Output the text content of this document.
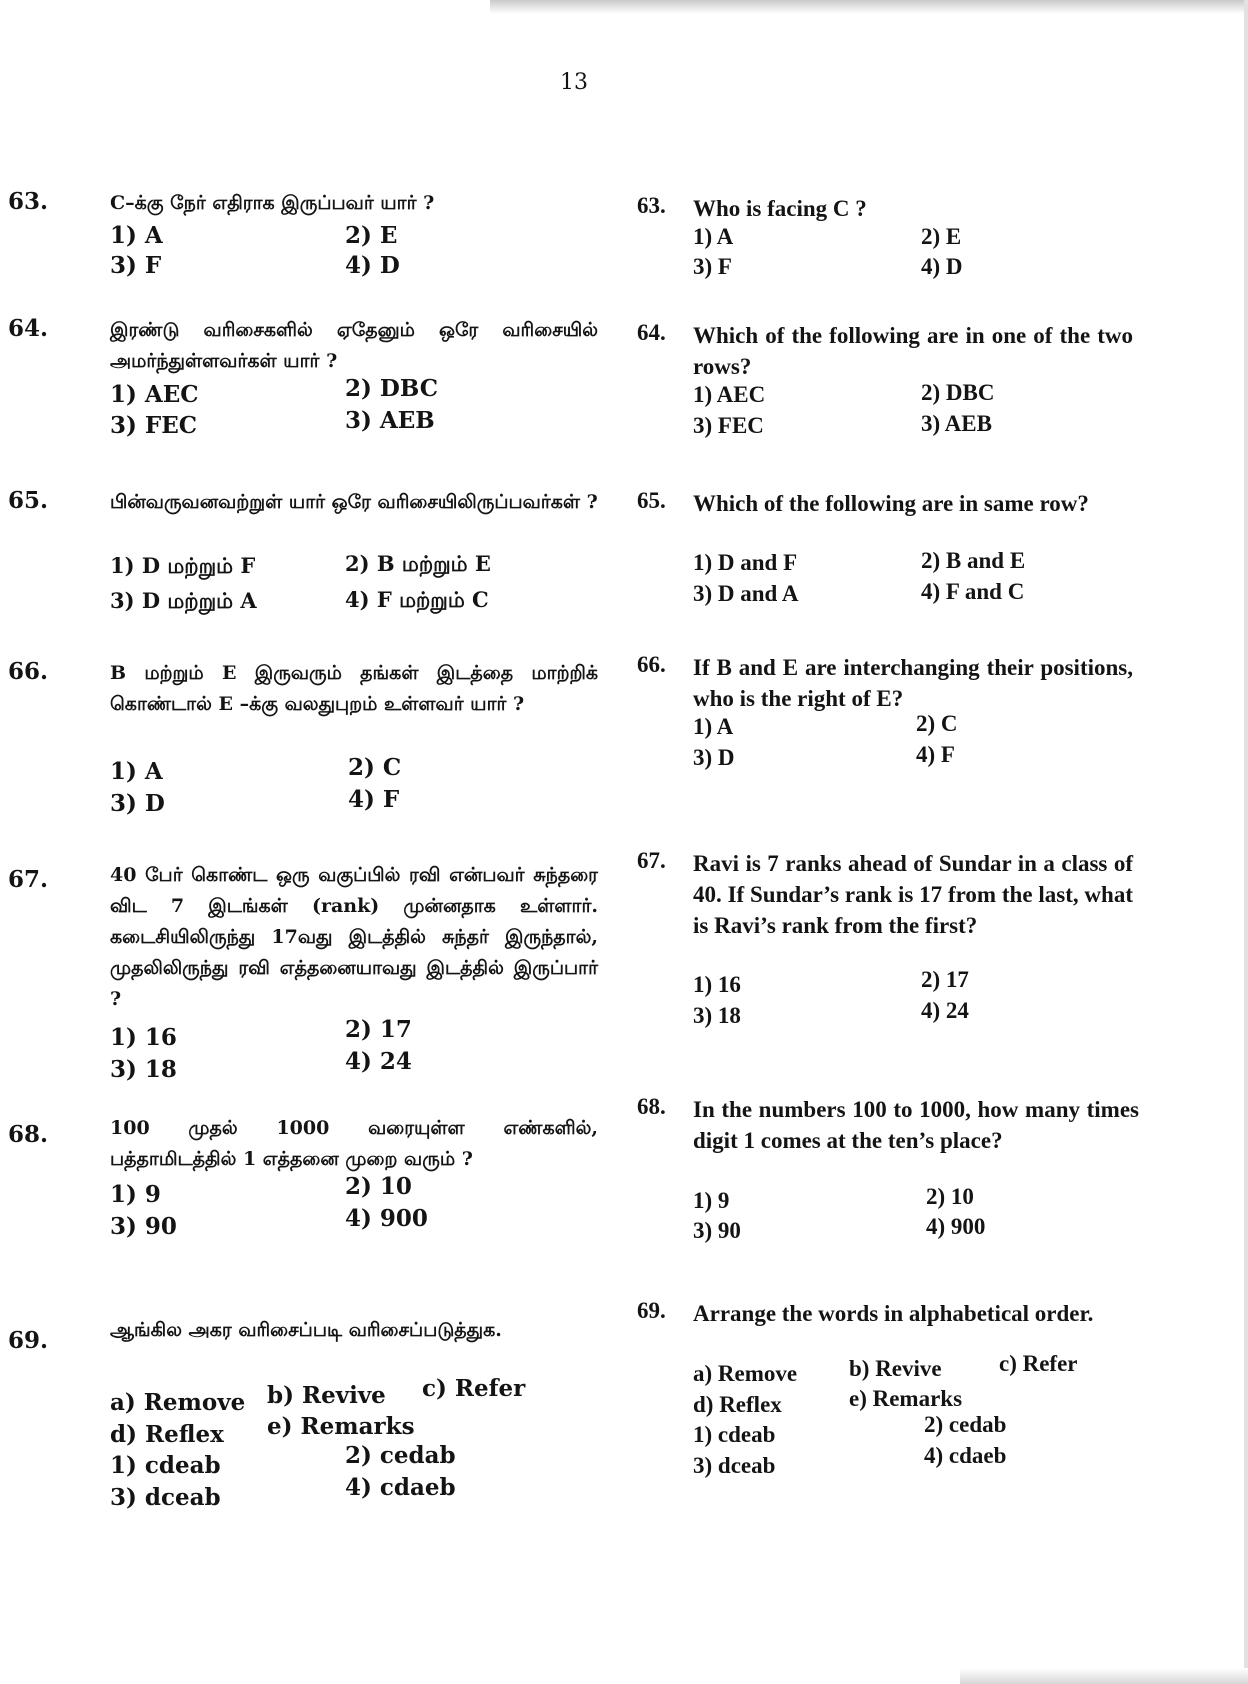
13
63.	C–க்கு நேர் எதிராக இருப்பவர் யார் ?
1) A	2) E
3) F	4) D
63. Who is facing C ?
1) A	2) E
3) F	4) D
64.	இரண்டு வரிசைகளில் ஏதேனும் ஒரே வரிசையில் அமர்ந்துள்ளவர்கள் யார் ?
1) AEC	2) DBC
3) FEC	3) AEB
64. Which of the following are in one of the two rows?
1) AEC	2) DBC
3) FEC	3) AEB
65.	பின்வருவனவற்றுள் யார் ஒரே வரிசையிலிருப்பவர்கள் ?
1) D மற்றும் F	2) B மற்றும் E
3) D மற்றும் A	4) F மற்றும் C
65. Which of the following are in same row?
1) D and F	2) B and E
3) D and A	4) F and C
66.	B மற்றும் E இருவரும் தங்கள் இடத்தை மாற்றிக் கொண்டால் E –க்கு வலதுபுறம் உள்ளவர் யார் ?
1) A	2) C
3) D	4) F
66. If B and E are interchanging their positions, who is the right of E?
1) A	2) C
3) D	4) F
67.	40 பேர் கொண்ட ஒரு வகுப்பில் ரவி என்பவர் சுந்தரை விட 7 இடங்கள் (rank) முன்னதாக உள்ளார். கடைசியிலிருந்து 17வது இடத்தில் சுந்தர் இருந்தால், முதலிலிருந்து ரவி எத்தனையாவது இடத்தில் இருப்பார் ?
1) 16	2) 17
3) 18	4) 24
67. Ravi is 7 ranks ahead of Sundar in a class of 40. If Sundar’s rank is 17 from the last, what is Ravi’s rank from the first?
1) 16	2) 17
3) 18	4) 24
68.	100 முதல் 1000 வரையுள்ள எண்களில், பத்தாமிடத்தில் 1 எத்தனை முறை வரும் ?
1) 9	2) 10
3) 90	4) 900
68. In the numbers 100 to 1000, how many times digit 1 comes at the ten’s place?
1) 9	2) 10
3) 90	4) 900
69.	ஆங்கில அகர வரிசைப்படி வரிசைப்படுத்துக.
a) Remove b) Revive c) Refer
d) Reflex e) Remarks
1) cdeab	2) cedab
3) dceab	4) cdaeb
69. Arrange the words in alphabetical order.
a) Remove b) Revive c) Refer
d) Reflex	e) Remarks
1) cdeab	2) cedab
3) dceab	4) cdaeb
